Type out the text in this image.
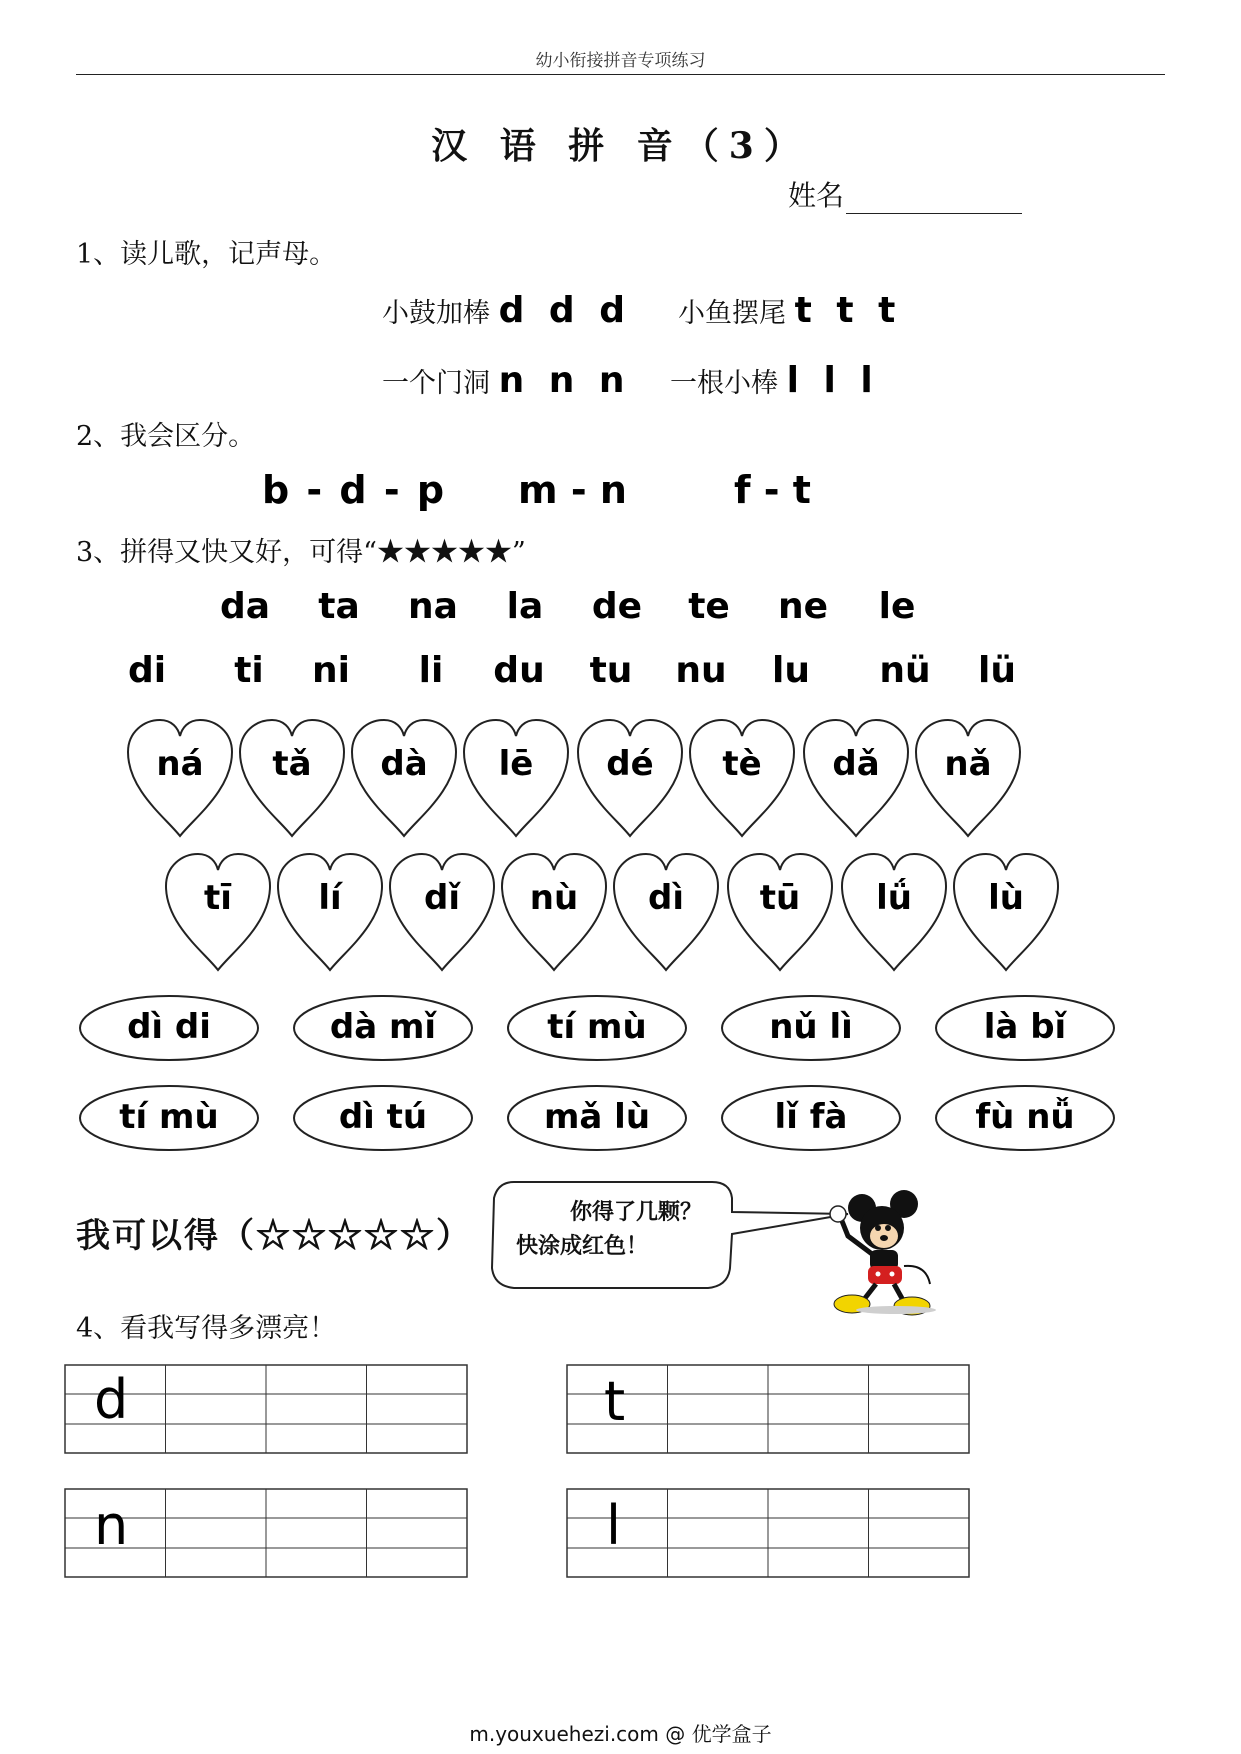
幼小衔接拼音专项练习
汉 语 拼 音（3）
姓名
1、读儿歌，记声母。
小鼓加棒 d d d 小鱼摆尾 t t t
一个门洞 n n n 一根小棒 l l l
2、我会区分。
b - d - p m - n	f - t
3、拼得又快又好，可得“★★★★★”
da	ta	na	la	de	te	ne	le
di	ti	ni	li	du	tu	nu	lu	nü	lü
ná	tǎ	dà	lē	dé	tè	dǎ	nǎ
tī	lí	dǐ	nù	dì	tū	lǘ	lù
dì di	dà mǐ	tí mù	nǔ lì	là bǐ
tí mù	dì tú	mǎ lù	lǐ fà	fù nǚ
我可以得（☆☆☆☆☆）
你得了几颗？
快涂成红色！
4、看我写得多漂亮！
d	t
n	l
m.youxuehezi.com @ 优学盒子
